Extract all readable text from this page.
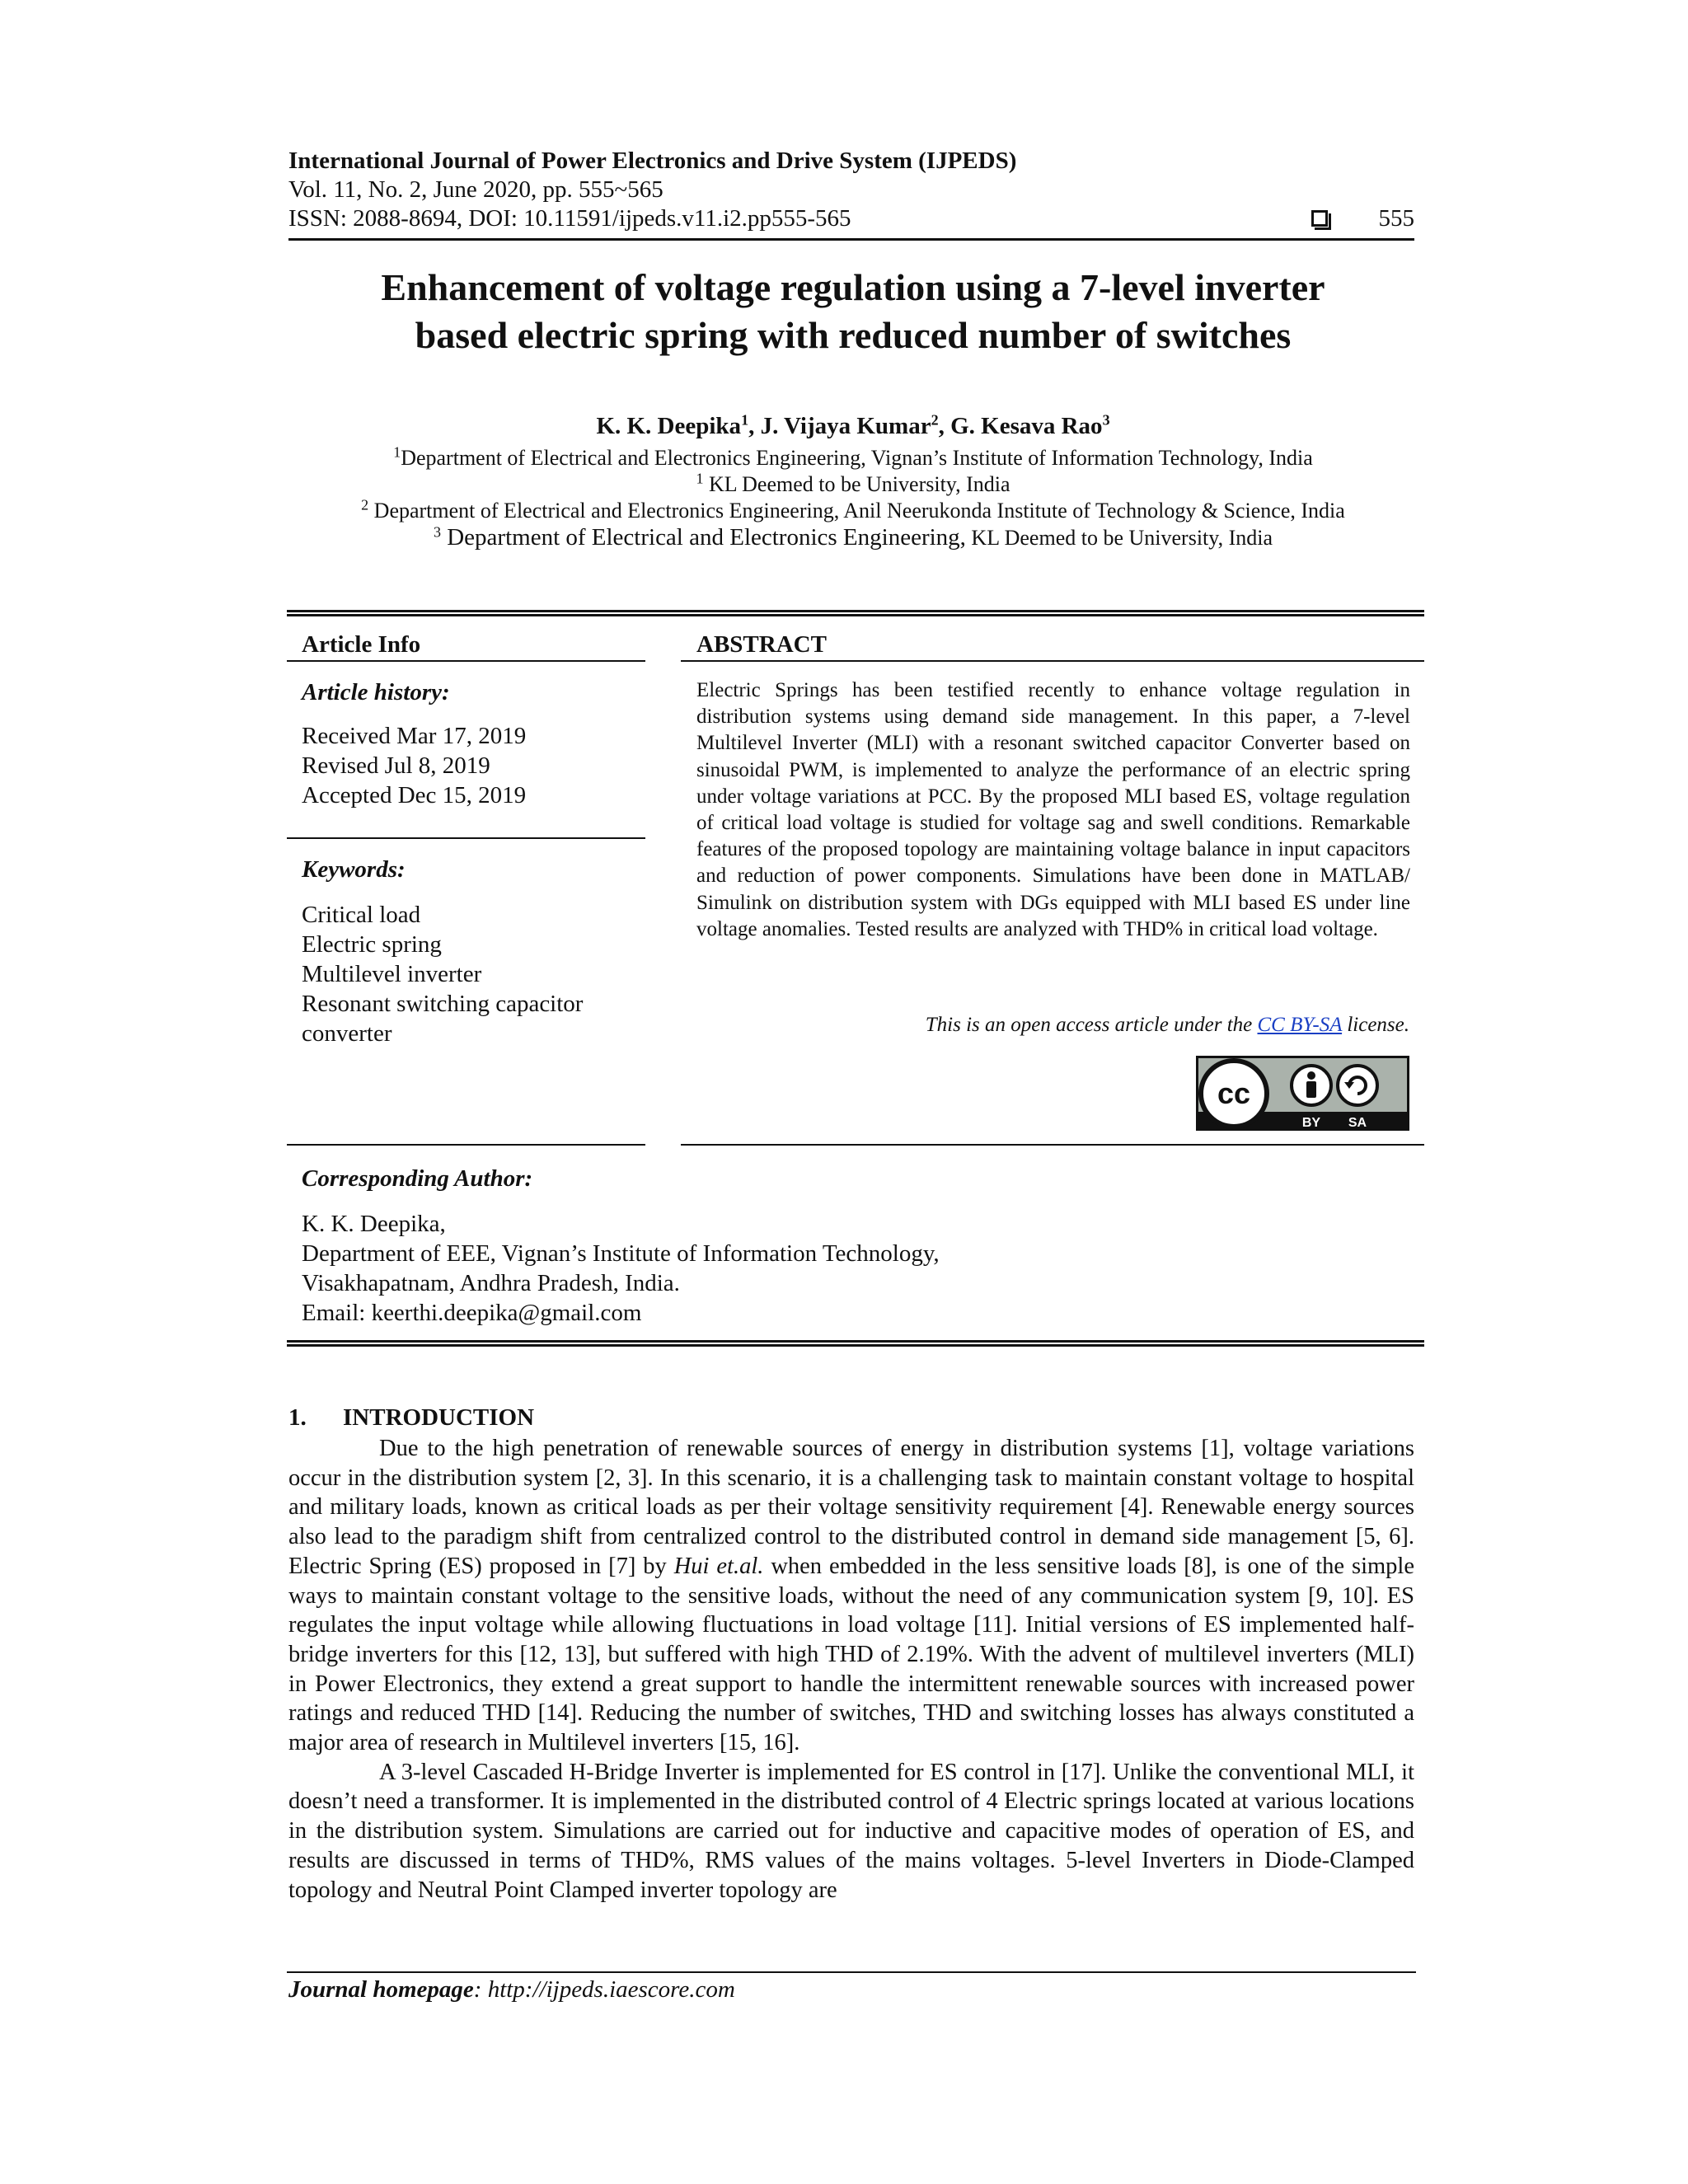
International Journal of Power Electronics and Drive System (IJPEDS)
Vol. 11, No. 2, June 2020, pp. 555~565
ISSN: 2088-8694, DOI: 10.11591/ijpeds.v11.i2.pp555-565	555
Enhancement of voltage regulation using a 7-level inverter
based electric spring with reduced number of switches
K. K. Deepika$^1$, J. Vijaya Kumar$^2$, G. Kesava Rao$^3$
$^1$Department of Electrical and Electronics Engineering, Vignan’s Institute of Information Technology, India
$^1$ KL Deemed to be University, India
$^2$ Department of Electrical and Electronics Engineering, Anil Neerukonda Institute of Technology & Science, India
$^3$ Department of Electrical and Electronics Engineering, KL Deemed to be University, India
Article Info
Article history:
Received Mar 17, 2019
Revised Jul 8, 2019
Accepted Dec 15, 2019
Keywords:
Critical load
Electric spring
Multilevel inverter
Resonant switching capacitor
converter
ABSTRACT
Electric Springs has been testified recently to enhance voltage regulation in distribution systems using demand side management. In this paper, a 7-level Multilevel Inverter (MLI) with a resonant switched capacitor Converter based on sinusoidal PWM, is implemented to analyze the performance of an electric spring under voltage variations at PCC. By the proposed MLI based ES, voltage regulation of critical load voltage is studied for voltage sag and swell conditions. Remarkable features of the proposed topology are maintaining voltage balance in input capacitors and reduction of power components. Simulations have been done in MATLAB/ Simulink on distribution system with DGs equipped with MLI based ES under line voltage anomalies. Tested results are analyzed with THD% in critical load voltage.
This is an open access article under the CC BY-SA license.
cc
BY SA
Corresponding Author:
K. K. Deepika,
Department of EEE, Vignan’s Institute of Information Technology,
Visakhapatnam, Andhra Pradesh, India.
Email: keerthi.deepika@gmail.com
1. INTRODUCTION

Due to the high penetration of renewable sources of energy in distribution systems [1], voltage variations occur in the distribution system [2, 3]. In this scenario, it is a challenging task to maintain constant voltage to hospital and military loads, known as critical loads as per their voltage sensitivity requirement [4]. Renewable energy sources also lead to the paradigm shift from centralized control to the distributed control in demand side management [5, 6]. Electric Spring (ES) proposed in [7] by Hui et.al. when embedded in the less sensitive loads [8], is one of the simple ways to maintain constant voltage to the sensitive loads, without the need of any communication system [9, 10]. ES regulates the input voltage while allowing fluctuations in load voltage [11]. Initial versions of ES implemented half-bridge inverters for this [12, 13], but suffered with high THD of 2.19%. With the advent of multilevel inverters (MLI) in Power Electronics, they extend a great support to handle the intermittent renewable sources with increased power ratings and reduced THD [14]. Reducing the number of switches, THD and switching losses has always constituted a major area of research in Multilevel inverters [15, 16].

A 3-level Cascaded H-Bridge Inverter is implemented for ES control in [17]. Unlike the conventional MLI, it doesn’t need a transformer. It is implemented in the distributed control of 4 Electric springs located at various locations in the distribution system. Simulations are carried out for inductive and capacitive modes of operation of ES, and results are discussed in terms of THD%, RMS values of the mains voltages. 5-level Inverters in Diode-Clamped topology and Neutral Point Clamped inverter topology are

Journal homepage: http://ijpeds.iaescore.com
